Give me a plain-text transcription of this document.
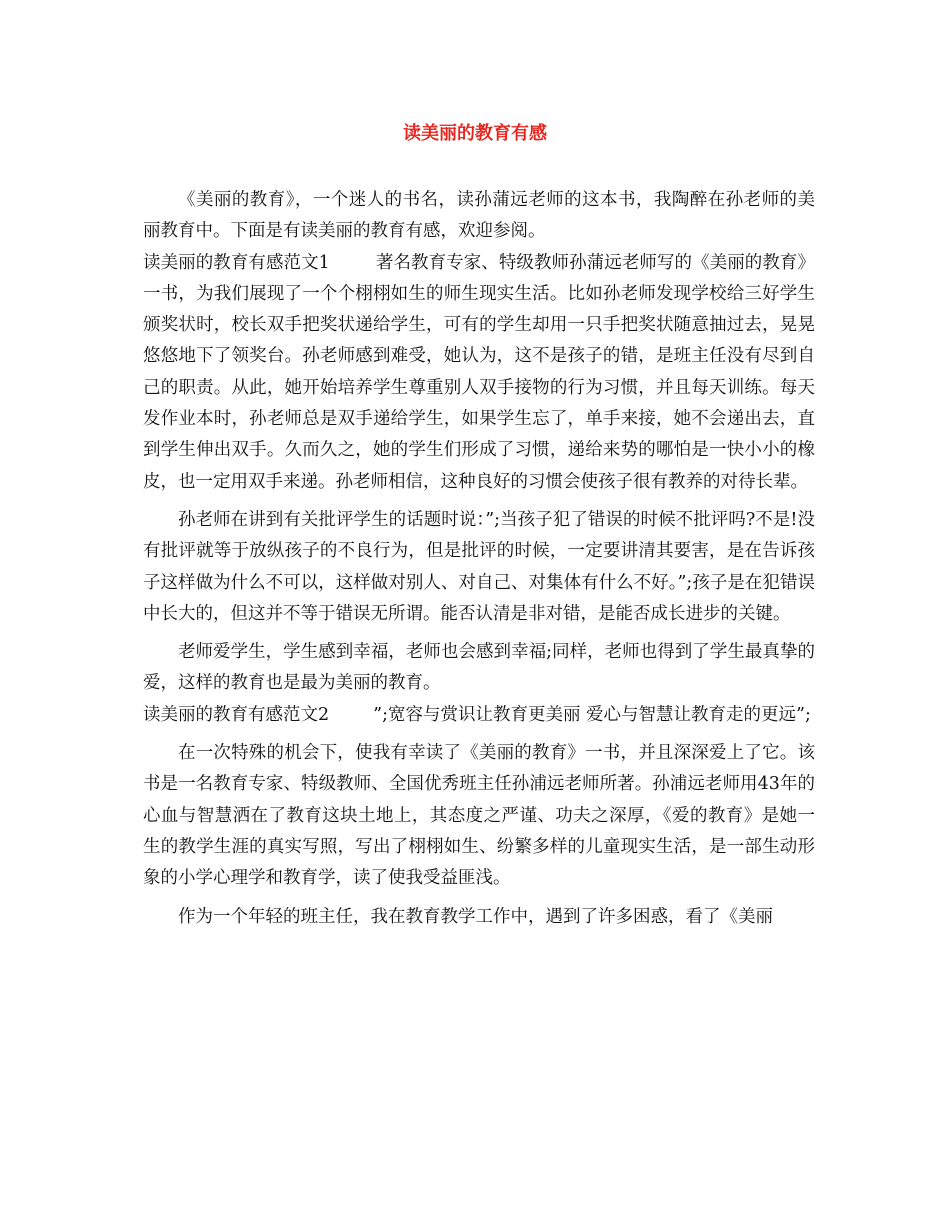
读美丽的教育有感

《美丽的教育》，一个迷人的书名，读孙蒲远老师的这本书，我陶醉在孙老师的美丽教育中。下面是有读美丽的教育有感，欢迎参阅。

读美丽的教育有感范文1	著名教育专家、特级教师孙蒲远老师写的《美丽的教育》一书，为我们展现了一个个栩栩如生的师生现实生活。比如孙老师发现学校给三好学生颁奖状时，校长双手把奖状递给学生，可有的学生却用一只手把奖状随意抽过去，晃晃悠悠地下了领奖台。孙老师感到难受，她认为，这不是孩子的错，是班主任没有尽到自己的职责。从此，她开始培养学生尊重别人双手接物的行为习惯，并且每天训练。每天发作业本时，孙老师总是双手递给学生，如果学生忘了，单手来接，她不会递出去，直到学生伸出双手。久而久之，她的学生们形成了习惯，递给来势的哪怕是一快小小的橡皮，也一定用双手来递。孙老师相信，这种良好的习惯会使孩子很有教养的对待长辈。

孙老师在讲到有关批评学生的话题时说：”;当孩子犯了错误的时候不批评吗?不是!没有批评就等于放纵孩子的不良行为，但是批评的时候，一定要讲清其要害，是在告诉孩子这样做为什么不可以，这样做对别人、对自己、对集体有什么不好。”;孩子是在犯错误中长大的，但这并不等于错误无所谓。能否认清是非对错，是能否成长进步的关键。

老师爱学生，学生感到幸福，老师也会感到幸福;同样，老师也得到了学生最真挚的爱，这样的教育也是最为美丽的教育。

读美丽的教育有感范文2	”;宽容与赏识让教育更美丽 爱心与智慧让教育走的更远”;

在一次特殊的机会下，使我有幸读了《美丽的教育》一书，并且深深爱上了它。该书是一名教育专家、特级教师、全国优秀班主任孙浦远老师所著。孙浦远老师用43年的心血与智慧洒在了教育这块土地上，其态度之严谨、功夫之深厚，《爱的教育》是她一生的教学生涯的真实写照，写出了栩栩如生、纷繁多样的儿童现实生活，是一部生动形象的小学心理学和教育学，读了使我受益匪浅。

作为一个年轻的班主任，我在教育教学工作中，遇到了许多困惑，看了《美丽
